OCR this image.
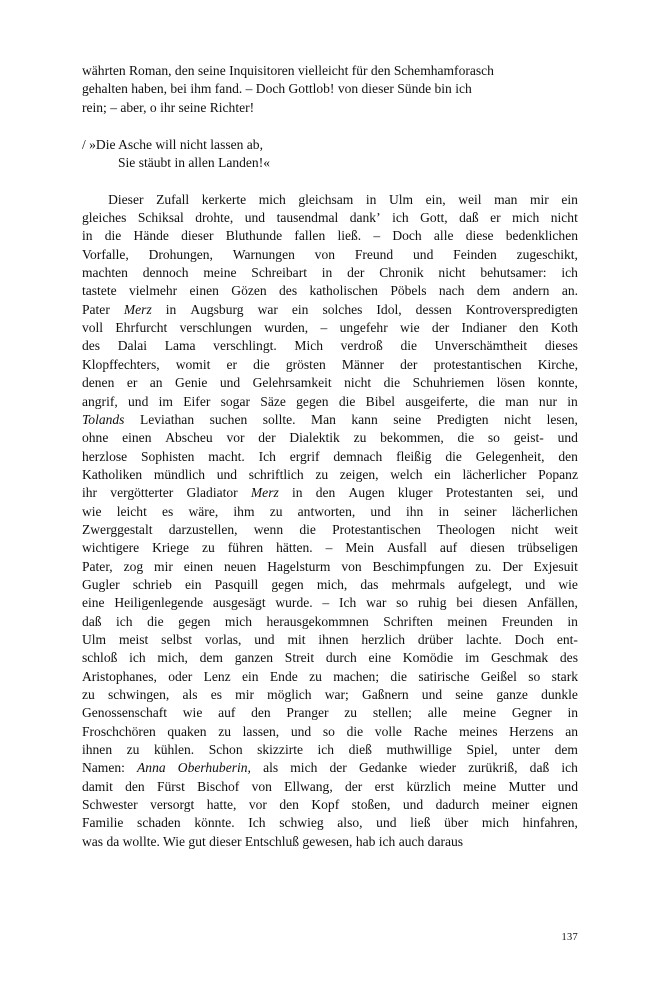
währten Roman, den seine Inquisitoren vielleicht für den Schemhamforasch
gehalten haben, bei ihm fand. – Doch Gottlob! von dieser Sünde bin ich
rein; – aber, o ihr seine Richter!
/ »Die Asche will nicht lassen ab,
Sie stäubt in allen Landen!«

Dieser Zufall kerkerte mich gleichsam in Ulm ein, weil man mir ein
gleiches Schiksal drohte, und tausendmal dank’ ich Gott, daß er mich nicht
in die Hände dieser Bluthunde fallen ließ. – Doch alle diese bedenklichen
Vorfalle, Drohungen, Warnungen von Freund und Feinden zugeschikt,
machten dennoch meine Schreibart in der Chronik nicht behutsamer: ich
tastete vielmehr einen Gözen des katholischen Pöbels nach dem andern an.
Pater Merz in Augsburg war ein solches Idol, dessen Kontroverspredigten
voll Ehrfurcht verschlungen wurden, – ungefehr wie der Indianer den Koth
des Dalai Lama verschlingt. Mich verdroß die Unverschämtheit dieses
Klopffechters, womit er die grösten Männer der protestantischen Kirche,
denen er an Genie und Gelehrsamkeit nicht die Schuhriemen lösen konnte,
angrif, und im Eifer sogar Säze gegen die Bibel ausgeiferte, die man nur in
Tolands Leviathan suchen sollte. Man kann seine Predigten nicht lesen,
ohne einen Abscheu vor der Dialektik zu bekommen, die so geist- und
herzlose Sophisten macht. Ich ergrif demnach fleißig die Gelegenheit, den
Katholiken mündlich und schriftlich zu zeigen, welch ein lächerlicher Popanz
ihr vergötterter Gladiator Merz in den Augen kluger Protestanten sei, und
wie leicht es wäre, ihm zu antworten, und ihn in seiner lächerlichen
Zwerggestalt darzustellen, wenn die Protestantischen Theologen nicht weit
wichtigere Kriege zu führen hätten. – Mein Ausfall auf diesen trübseligen
Pater, zog mir einen neuen Hagelsturm von Beschimpfungen zu. Der Exjesuit
Gugler schrieb ein Pasquill gegen mich, das mehrmals aufgelegt, und wie
eine Heiligenlegende ausgesägt wurde. – Ich war so ruhig bei diesen Anfällen,
daß ich die gegen mich herausgekommnen Schriften meinen Freunden in
Ulm meist selbst vorlas, und mit ihnen herzlich drüber lachte. Doch ent-
schloß ich mich, dem ganzen Streit durch eine Komödie im Geschmak des
Aristophanes, oder Lenz ein Ende zu machen; die satirische Geißel so stark
zu schwingen, als es mir möglich war; Gaßnern und seine ganze dunkle
Genossenschaft wie auf den Pranger zu stellen; alle meine Gegner in
Froschchören quaken zu lassen, und so die volle Rache meines Herzens an
ihnen zu kühlen. Schon skizzirte ich dieß muthwillige Spiel, unter dem
Namen: Anna Oberhuberin, als mich der Gedanke wieder zurükriß, daß ich
damit den Fürst Bischof von Ellwang, der erst kürzlich meine Mutter und
Schwester versorgt hatte, vor den Kopf stoßen, und dadurch meiner eignen
Familie schaden könnte. Ich schwieg also, und ließ über mich hinfahren,
was da wollte. Wie gut dieser Entschluß gewesen, hab ich auch daraus
137
